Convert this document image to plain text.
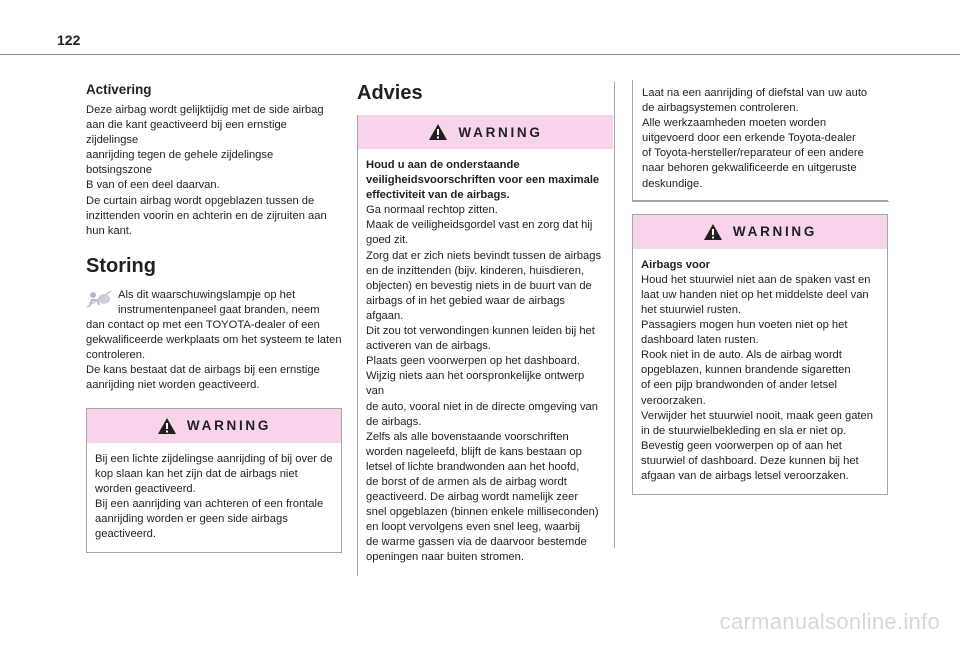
122
Activering

Deze airbag wordt gelijktijdig met de side airbag

aan die kant geactiveerd bij een ernstige zijdelingse

aanrijding tegen de gehele zijdelingse botsingszone

B van of een deel daarvan.

De curtain airbag wordt opgeblazen tussen de

inzittenden voorin en achterin en de zijruiten aan

hun kant.

Storing

Als dit waarschuwingslampje op het

instrumentenpaneel gaat branden, neem

dan contact op met een TOYOTA-dealer of een

gekwalificeerde werkplaats om het systeem te laten

controleren.

De kans bestaat dat de airbags bij een ernstige

aanrijding niet worden geactiveerd.

WARNING

Bij een lichte zijdelingse aanrijding of bij over de

kop slaan kan het zijn dat de airbags niet

worden geactiveerd.

Bij een aanrijding van achteren of een frontale

aanrijding worden er geen side airbags

geactiveerd.

Advies
WARNING

Houd u aan de onderstaande

veiligheidsvoorschriften voor een maximale

effectiviteit van de airbags.

Ga normaal rechtop zitten.

Maak de veiligheidsgordel vast en zorg dat hij

goed zit.

Zorg dat er zich niets bevindt tussen de airbags

en de inzittenden (bijv. kinderen, huisdieren,

objecten) en bevestig niets in de buurt van de

airbags of in het gebied waar de airbags afgaan.

Dit zou tot verwondingen kunnen leiden bij het

activeren van de airbags.

Plaats geen voorwerpen op het dashboard.

Wijzig niets aan het oorspronkelijke ontwerp van

de auto, vooral niet in de directe omgeving van

de airbags.

Zelfs als alle bovenstaande voorschriften

worden nageleefd, blijft de kans bestaan op

letsel of lichte brandwonden aan het hoofd,

de borst of de armen als de airbag wordt

geactiveerd. De airbag wordt namelijk zeer

snel opgeblazen (binnen enkele milliseconden)

en loopt vervolgens even snel leeg, waarbij

de warme gassen via de daarvoor bestemde

openingen naar buiten stromen.

Laat na een aanrijding of diefstal van uw auto

de airbagsystemen controleren.

Alle werkzaamheden moeten worden

uitgevoerd door een erkende Toyota-dealer

of Toyota-hersteller/reparateur of een andere

naar behoren gekwalificeerde en uitgeruste

deskundige.

WARNING

Airbags voor

Houd het stuurwiel niet aan de spaken vast en

laat uw handen niet op het middelste deel van

het stuurwiel rusten.

Passagiers mogen hun voeten niet op het

dashboard laten rusten.

Rook niet in de auto. Als de airbag wordt

opgeblazen, kunnen brandende sigaretten

of een pijp brandwonden of ander letsel

veroorzaken.

Verwijder het stuurwiel nooit, maak geen gaten

in de stuurwielbekleding en sla er niet op.

Bevestig geen voorwerpen op of aan het

stuurwiel of dashboard. Deze kunnen bij het

afgaan van de airbags letsel veroorzaken.

carmanualsonline.info
